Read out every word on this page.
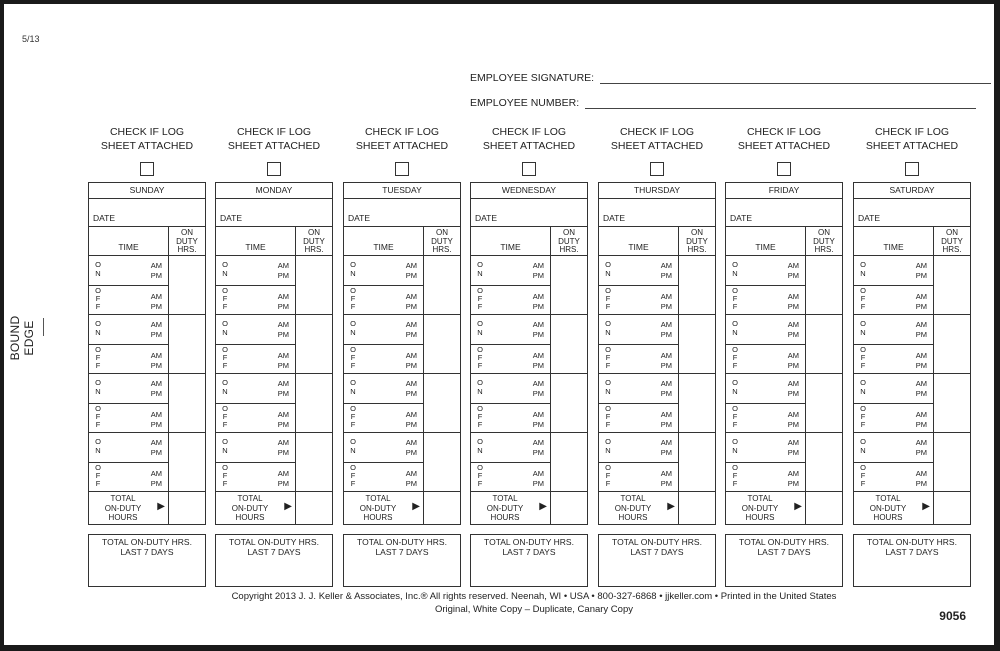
5/13
BOUND EDGE
EMPLOYEE SIGNATURE:
EMPLOYEE NUMBER:
CHECK IF LOG
SHEET ATTACHED
SUNDAY
DATE
TIME
ON
DUTY
HRS.
O
N
AM
PM
O
F
F
AM
PM
O
N
AM
PM
O
F
F
AM
PM
O
N
AM
PM
O
F
F
AM
PM
O
N
AM
PM
O
F
F
AM
PM
TOTAL
ON-DUTY
HOURS
▶
TOTAL ON-DUTY HRS.
LAST 7 DAYS
CHECK IF LOG
SHEET ATTACHED
MONDAY
DATE
TIME
ON
DUTY
HRS.
O
N
AM
PM
O
F
F
AM
PM
O
N
AM
PM
O
F
F
AM
PM
O
N
AM
PM
O
F
F
AM
PM
O
N
AM
PM
O
F
F
AM
PM
TOTAL
ON-DUTY
HOURS
▶
TOTAL ON-DUTY HRS.
LAST 7 DAYS
CHECK IF LOG
SHEET ATTACHED
TUESDAY
DATE
TIME
ON
DUTY
HRS.
O
N
AM
PM
O
F
F
AM
PM
O
N
AM
PM
O
F
F
AM
PM
O
N
AM
PM
O
F
F
AM
PM
O
N
AM
PM
O
F
F
AM
PM
TOTAL
ON-DUTY
HOURS
▶
TOTAL ON-DUTY HRS.
LAST 7 DAYS
CHECK IF LOG
SHEET ATTACHED
WEDNESDAY
DATE
TIME
ON
DUTY
HRS.
O
N
AM
PM
O
F
F
AM
PM
O
N
AM
PM
O
F
F
AM
PM
O
N
AM
PM
O
F
F
AM
PM
O
N
AM
PM
O
F
F
AM
PM
TOTAL
ON-DUTY
HOURS
▶
TOTAL ON-DUTY HRS.
LAST 7 DAYS
CHECK IF LOG
SHEET ATTACHED
THURSDAY
DATE
TIME
ON
DUTY
HRS.
O
N
AM
PM
O
F
F
AM
PM
O
N
AM
PM
O
F
F
AM
PM
O
N
AM
PM
O
F
F
AM
PM
O
N
AM
PM
O
F
F
AM
PM
TOTAL
ON-DUTY
HOURS
▶
TOTAL ON-DUTY HRS.
LAST 7 DAYS
CHECK IF LOG
SHEET ATTACHED
FRIDAY
DATE
TIME
ON
DUTY
HRS.
O
N
AM
PM
O
F
F
AM
PM
O
N
AM
PM
O
F
F
AM
PM
O
N
AM
PM
O
F
F
AM
PM
O
N
AM
PM
O
F
F
AM
PM
TOTAL
ON-DUTY
HOURS
▶
TOTAL ON-DUTY HRS.
LAST 7 DAYS
CHECK IF LOG
SHEET ATTACHED
SATURDAY
DATE
TIME
ON
DUTY
HRS.
O
N
AM
PM
O
F
F
AM
PM
O
N
AM
PM
O
F
F
AM
PM
O
N
AM
PM
O
F
F
AM
PM
O
N
AM
PM
O
F
F
AM
PM
TOTAL
ON-DUTY
HOURS
▶
TOTAL ON-DUTY HRS.
LAST 7 DAYS
Copyright 2013 J. J. Keller & Associates, Inc.® All rights reserved. Neenah, WI • USA • 800-327-6868 • jjkeller.com • Printed in the United States
Original, White Copy – Duplicate, Canary Copy	9056
